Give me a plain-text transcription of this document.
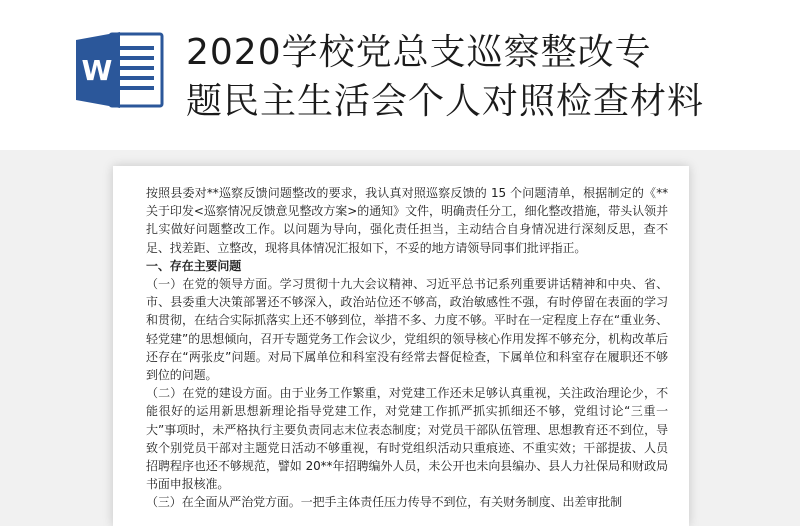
W 2020学校党总支巡察整改专
题民主生活会个人对照检查材料

按照县委对**巡察反馈问题整改的要求，我认真对照巡察反馈的 15 个问题清单，根据制定的《**关于印发<巡察情况反馈意见整改方案>的通知》文件，明确责任分工，细化整改措施，带头认领并扎实做好问题整改工作。以问题为导向，强化责任担当，主动结合自身情况进行深刻反思，查不足、找差距、立整改，现将具体情况汇报如下，不妥的地方请领导同事们批评指正。

一、存在主要问题

（一）在党的领导方面。学习贯彻十九大会议精神、习近平总书记系列重要讲话精神和中央、省、市、县委重大决策部署还不够深入，政治站位还不够高，政治敏感性不强，有时停留在表面的学习和贯彻，在结合实际抓落实上还不够到位，举措不多、力度不够。平时在一定程度上存在“重业务、轻党建”的思想倾向，召开专题党务工作会议少，党组织的领导核心作用发挥不够充分，机构改革后还存在“两张皮”问题。对局下属单位和科室没有经常去督促检查，下属单位和科室存在履职还不够到位的问题。

（二）在党的建设方面。由于业务工作繁重，对党建工作还未足够认真重视，关注政治理论少，不能很好的运用新思想新理论指导党建工作，对党建工作抓严抓实抓细还不够，党组讨论“三重一大”事项时，未严格执行主要负责同志末位表态制度；对党员干部队伍管理、思想教育还不到位，导致个别党员干部对主题党日活动不够重视，有时党组织活动只重痕迹、不重实效；干部提拔、人员招聘程序也还不够规范，譬如 20**年招聘编外人员，未公开也未向县编办、县人力社保局和财政局书面申报核准。

（三）在全面从严治党方面。一把手主体责任压力传导不到位，有关财务制度、出差审批制
